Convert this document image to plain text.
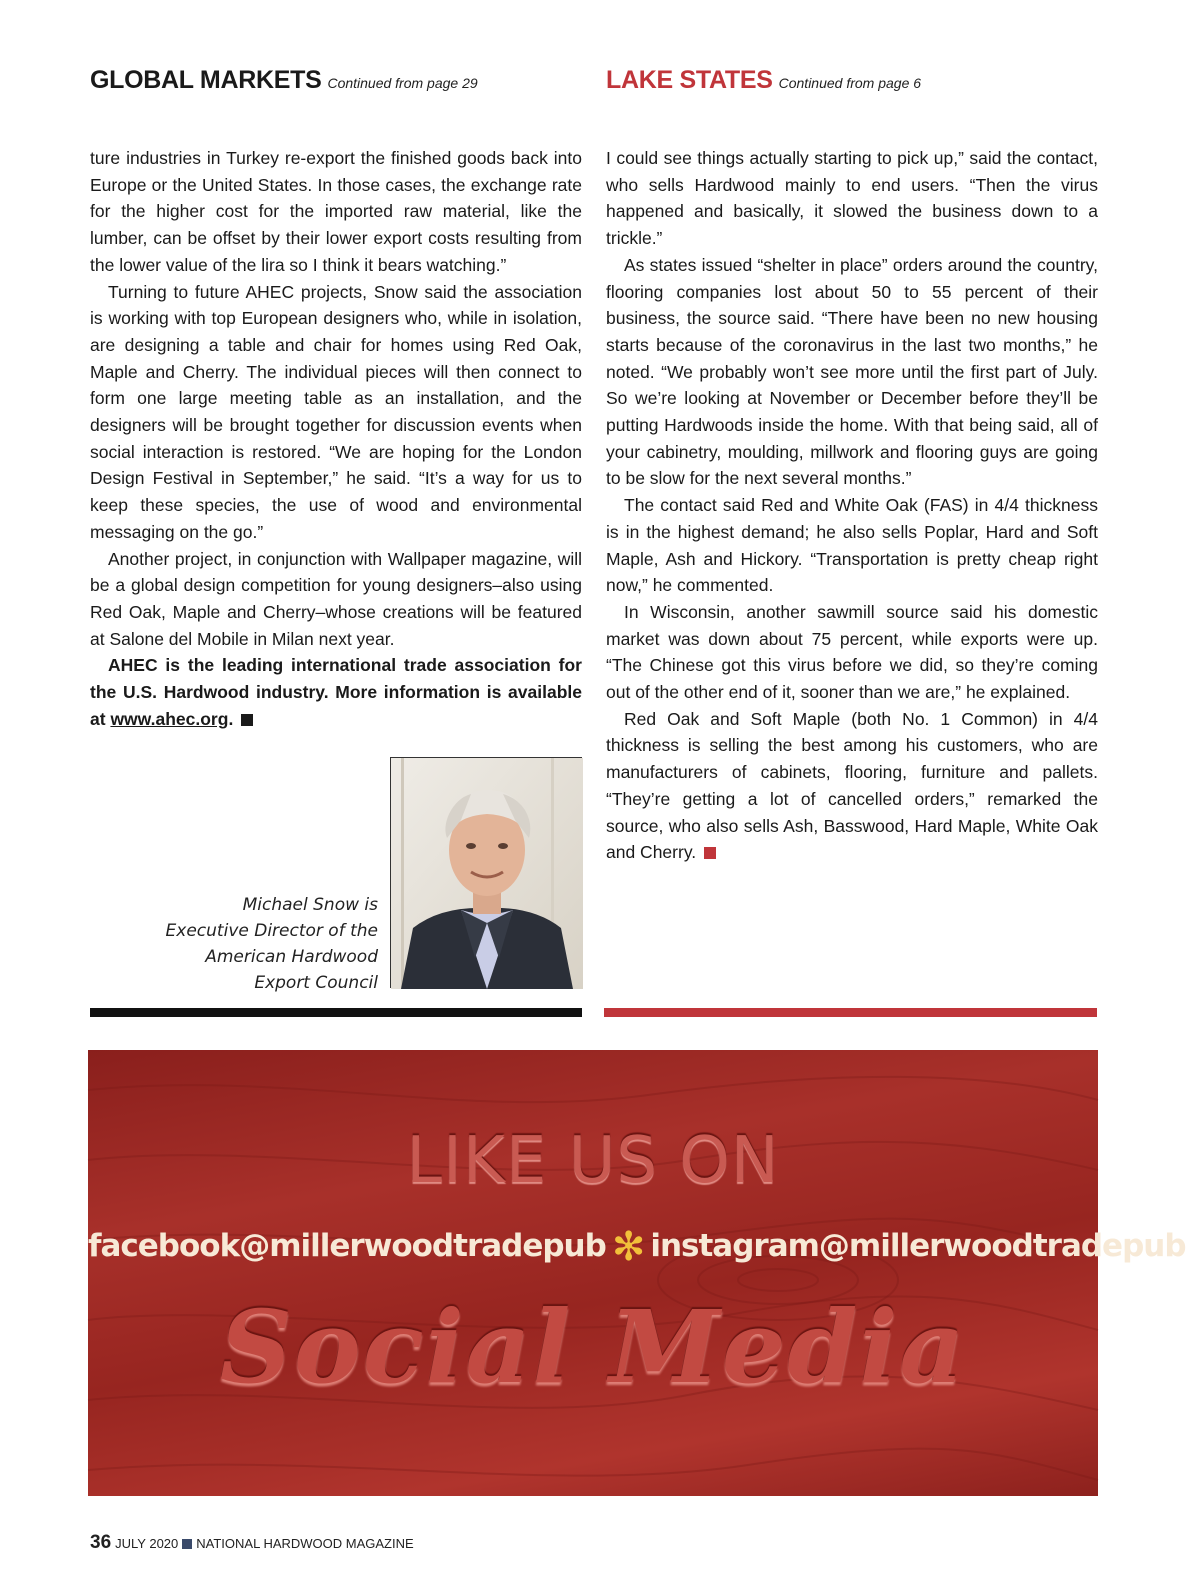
GLOBAL MARKETS Continued from page 29	LAKE STATES Continued from page 6

ture industries in Turkey re-export the finished goods back into Europe or the United States. In those cases, the exchange rate for the higher cost for the imported raw material, like the lumber, can be offset by their lower export costs resulting from the lower value of the lira so I think it bears watching.”

Turning to future AHEC projects, Snow said the association is working with top European designers who, while in isolation, are designing a table and chair for homes using Red Oak, Maple and Cherry. The individual pieces will then connect to form one large meeting table as an installation, and the designers will be brought together for discussion events when social interaction is restored. “We are hoping for the London Design Festival in September,” he said. “It’s a way for us to keep these species, the use of wood and environmental messaging on the go.”

Another project, in conjunction with Wallpaper magazine, will be a global design competition for young designers–also using Red Oak, Maple and Cherry–whose creations will be featured at Salone del Mobile in Milan next year.

AHEC is the leading international trade association for the U.S. Hardwood industry. More information is available at www.ahec.org.

Michael Snow is
Executive Director of the
American Hardwood
Export Council

I could see things actually starting to pick up,” said the contact, who sells Hardwood mainly to end users. “Then the virus happened and basically, it slowed the business down to a trickle.”

As states issued “shelter in place” orders around the country, flooring companies lost about 50 to 55 percent of their business, the source said. “There have been no new housing starts because of the coronavirus in the last two months,” he noted. “We probably won’t see more until the first part of July. So we’re looking at November or December before they’ll be putting Hardwoods inside the home. With that being said, all of your cabinetry, moulding, millwork and flooring guys are going to be slow for the next several months.”

The contact said Red and White Oak (FAS) in 4/4 thickness is in the highest demand; he also sells Poplar, Hard and Soft Maple, Ash and Hickory. “Transportation is pretty cheap right now,” he commented.

In Wisconsin, another sawmill source said his domestic market was down about 75 percent, while exports were up. “The Chinese got this virus before we did, so they’re coming out of the other end of it, sooner than we are,” he explained.

Red Oak and Soft Maple (both No. 1 Common) in 4/4 thickness is selling the best among his customers, who are manufacturers of cabinets, flooring, furniture and pallets. “They’re getting a lot of cancelled orders,” remarked the source, who also sells Ash, Basswood, Hard Maple, White Oak and Cherry.

LIKE US ON
facebook@millerwoodtradepub ✻ instagram@millerwoodtradepub
Social Media
36 JULY 2020 NATIONAL HARDWOOD MAGAZINE
